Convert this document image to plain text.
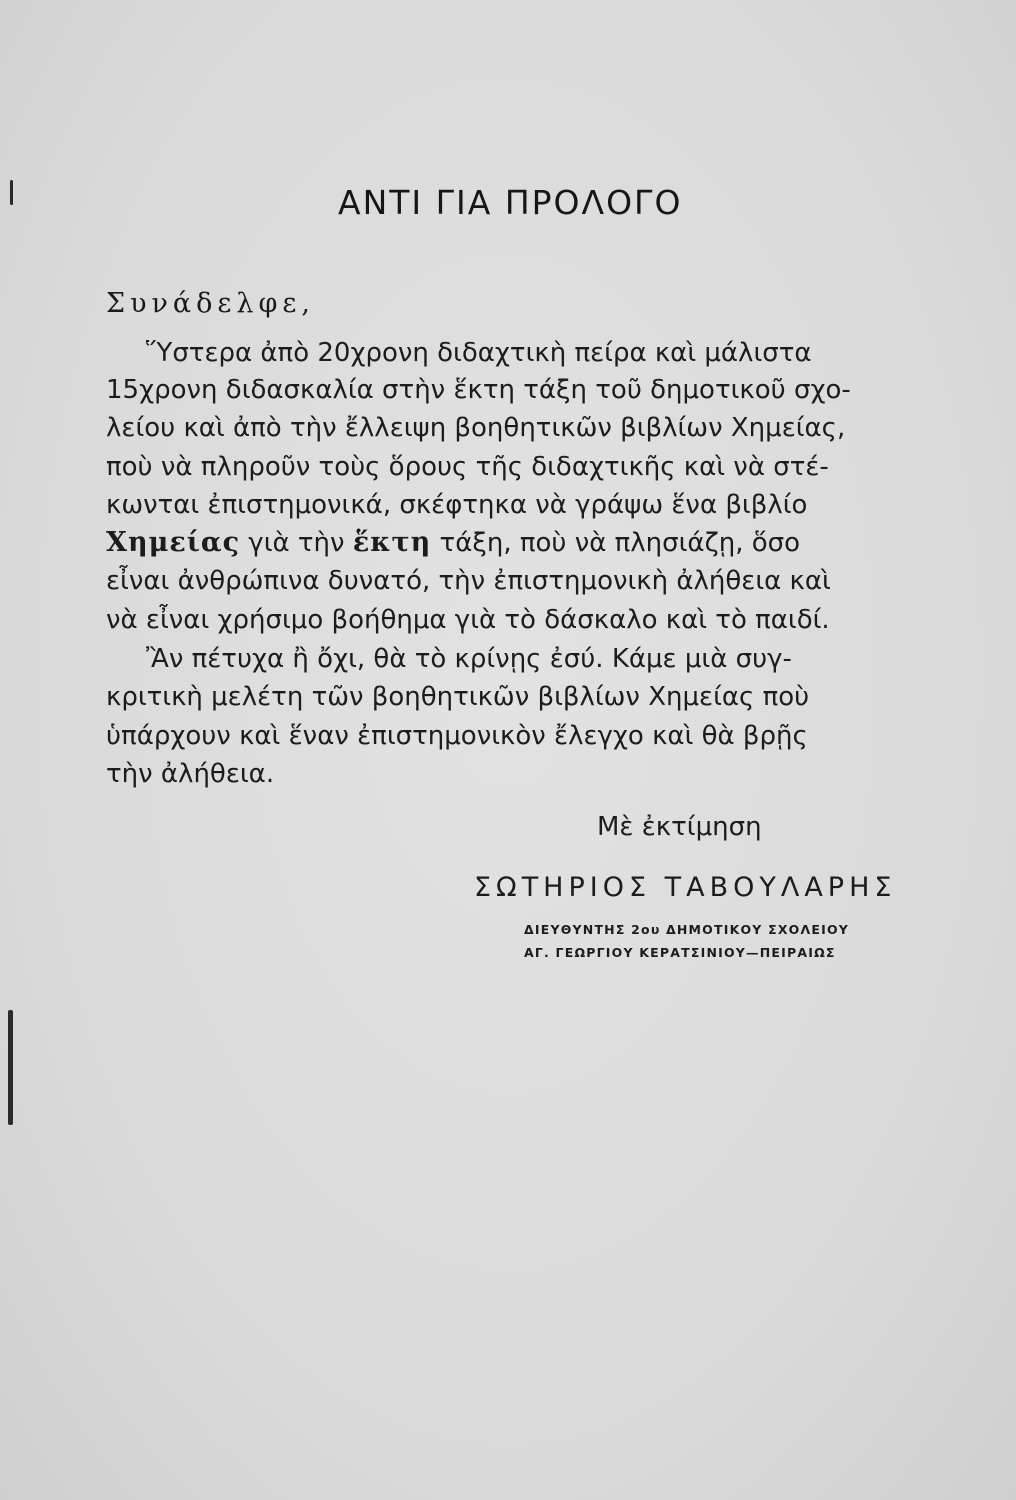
ΑΝΤΙ ΓΙΑ ΠΡΟΛΟΓΟ
Συνάδελφε,
Ὕστερα ἀπὸ 20χρονη διδαχτικὴ πείρα καὶ μάλιστα
15χρονη διδασκαλία στὴν ἕκτη τάξη τοῦ δημοτικοῦ σχο-
λείου καὶ ἀπὸ τὴν ἔλλειψη βοηθητικῶν βιβλίων Χημείας,
ποὺ νὰ πληροῦν τοὺς ὅρους τῆς διδαχτικῆς καὶ νὰ στέ-
κωνται ἐπιστημονικά, σκέφτηκα νὰ γράψω ἕνα βιβλίο
Χημείας γιὰ τὴν ἕκτη τάξη, ποὺ νὰ πλησιάζῃ, ὅσο
εἶναι ἀνθρώπινα δυνατό, τὴν ἐπιστημονικὴ ἀλήθεια καὶ
νὰ εἶναι χρήσιμο βοήθημα γιὰ τὸ δάσκαλο καὶ τὸ παιδί.
Ἂν πέτυχα ἢ ὄχι, θὰ τὸ κρίνῃς ἐσύ. Κάμε μιὰ συγ-
κριτικὴ μελέτη τῶν βοηθητικῶν βιβλίων Χημείας ποὺ
ὑπάρχουν καὶ ἕναν ἐπιστημονικὸν ἔλεγχο καὶ θὰ βρῇς
τὴν ἀλήθεια.
Μὲ ἐκτίμηση
ΣΩΤΗΡΙΟΣ ΤΑΒΟΥΛΑΡΗΣ
ΔΙΕΥΘΥΝΤΗΣ 2ου ΔΗΜΟΤΙΚΟΥ ΣΧΟΛΕΙΟΥ
ΑΓ. ΓΕΩΡΓΙΟΥ ΚΕΡΑΤΣΙΝΙΟΥ—ΠΕΙΡΑΙΩΣ
